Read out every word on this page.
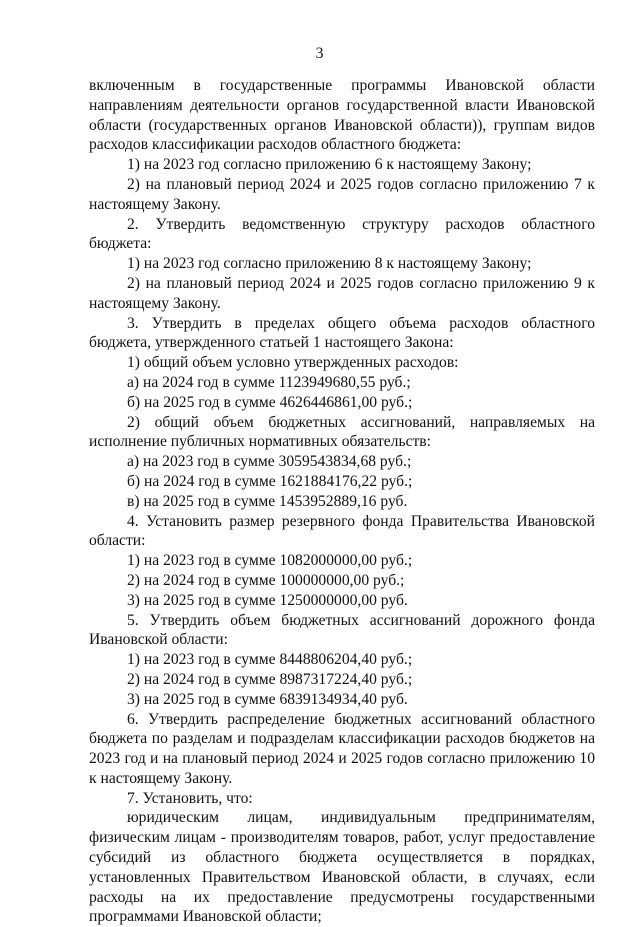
3

включенным в государственные программы Ивановской области направлениям деятельности органов государственной власти Ивановской области (государственных органов Ивановской области)), группам видов расходов классификации расходов областного бюджета:

1) на 2023 год согласно приложению 6 к настоящему Закону;

2) на плановый период 2024 и 2025 годов согласно приложению 7 к настоящему Закону.

2. Утвердить ведомственную структуру расходов областного бюджета:

1) на 2023 год согласно приложению 8 к настоящему Закону;

2) на плановый период 2024 и 2025 годов согласно приложению 9 к настоящему Закону.

3. Утвердить в пределах общего объема расходов областного бюджета, утвержденного статьей 1 настоящего Закона:

1) общий объем условно утвержденных расходов:

а) на 2024 год в сумме 1123949680,55 руб.;

б) на 2025 год в сумме 4626446861,00 руб.;

2) общий объем бюджетных ассигнований, направляемых на исполнение публичных нормативных обязательств:

а) на 2023 год в сумме 3059543834,68 руб.;

б) на 2024 год в сумме 1621884176,22 руб.;

в) на 2025 год в сумме 1453952889,16 руб.

4. Установить размер резервного фонда Правительства Ивановской области:

1) на 2023 год в сумме 1082000000,00 руб.;

2) на 2024 год в сумме 100000000,00 руб.;

3) на 2025 год в сумме 1250000000,00 руб.

5. Утвердить объем бюджетных ассигнований дорожного фонда Ивановской области:

1) на 2023 год в сумме 8448806204,40 руб.;

2) на 2024 год в сумме 8987317224,40 руб.;

3) на 2025 год в сумме 6839134934,40 руб.

6. Утвердить распределение бюджетных ассигнований областного бюджета по разделам и подразделам классификации расходов бюджетов на 2023 год и на плановый период 2024 и 2025 годов согласно приложению 10 к настоящему Закону.

7. Установить, что:

юридическим лицам, индивидуальным предпринимателям, физическим лицам - производителям товаров, работ, услуг предоставление субсидий из областного бюджета осуществляется в порядках, установленных Правительством Ивановской области, в случаях, если расходы на их предоставление предусмотрены государственными программами Ивановской области;
